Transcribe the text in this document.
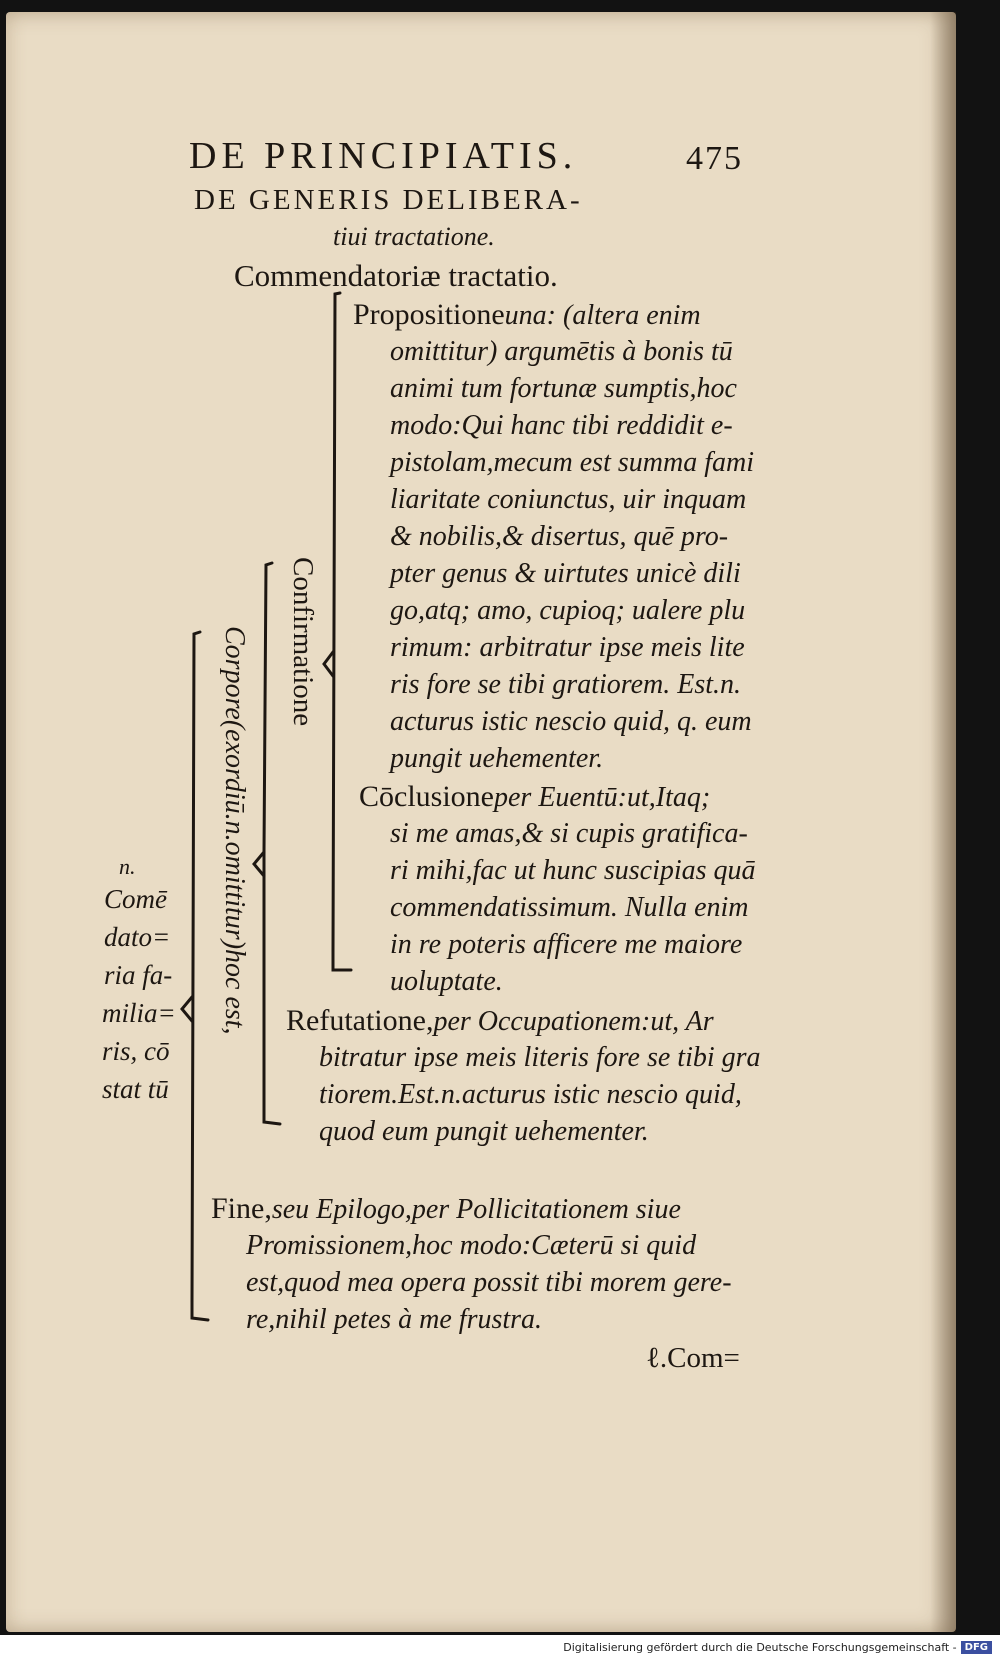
DE PRINCIPIATIS.	475
DE GENERIS DELIBERA-
tiui tractatione.
Commendatoriæ tractatio.
n.
Comē
dato=
ria fa-
milia=
ris, cō
stat tū
Corpore(exordiū.n.omittitur)hoc est, Confirmatione
Propositioneuna: (altera enim
omittitur) argumētis à bonis tū
animi tum fortunæ sumptis,hoc
modo:Qui hanc tibi reddidit e-
pistolam,mecum est summa fami
liaritate coniunctus, uir inquam
& nobilis,& disertus, quē pro-
pter genus & uirtutes unicè dili
go,atq; amo, cupioq; ualere plu
rimum: arbitratur ipse meis lite
ris fore se tibi gratiorem. Est.n.
acturus istic nescio quid, q. eum
pungit uehementer.
Cōclusioneper Euentū:ut,Itaq;
si me amas,& si cupis gratifica-
ri mihi,fac ut hunc suscipias quā
commendatissimum. Nulla enim
in re poteris afficere me maiore
uoluptate.
Refutatione,per Occupationem:ut, Ar
bitratur ipse meis literis fore se tibi gra
tiorem.Est.n.acturus istic nescio quid,
quod eum pungit uehementer.
Fine,seu Epilogo,per Pollicitationem siue
Promissionem,hoc modo:Cæterū si quid
est,quod mea opera possit tibi morem gere-
re,nihil petes à me frustra.
ℓ.Com=
Digitalisierung gefördert durch die Deutsche Forschungsgemeinschaft - DFG
